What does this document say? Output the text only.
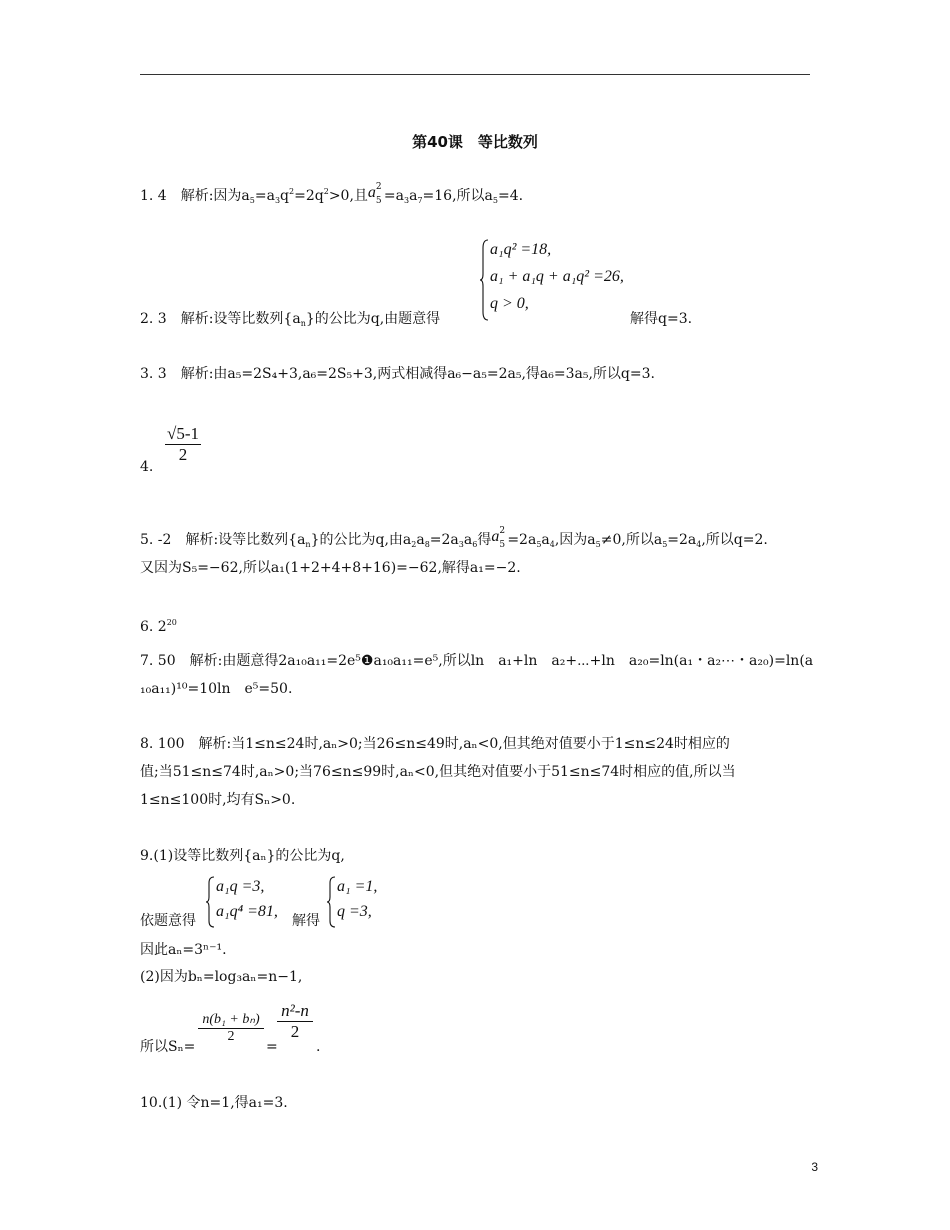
第40课　等比数列
1. 4　解析:因为$a_5=a_3q^2=2q^2>0$,且 a 2
$5 =a_3a_7=16$,所以$a_5=4$.
a₁q² =18,
a₁ + a₁q + a₁q² =26,
q > 0,
2. 3　解析:设等比数列$\{a_n\}$的公比为q,由题意得	解得q=3.
3. 3　解析:由a₅=2S₄+3,a₆=2S₅+3,两式相减得a₆−a₅=2a₅,得a₆=3a₅,所以q=3.
4.
√5-1
2
5. -2　解析:设等比数列$\{a_n\}$的公比为q,由$a_2a_8=2a_3a_6$得 a 2
$5 =2a_5a_4$,因为$a_5\ne 0$,所以$a_5=2a_4$,所以q=2.
又因为S₅=−62,所以a₁(1+2+4+8+16)=−62,解得a₁=−2.
6. $2^{20}$
7. 50　解析:由题意得2a₁₀a₁₁=2e⁵❶a₁₀a₁₁=e⁵,所以ln　a₁+ln　a₂+⋯+ln　a₂₀=ln(a₁・a₂⋯・a₂₀)=ln(a
₁₀a₁₁)¹⁰=10ln　e⁵=50.
8. 100　解析:当1≤n≤24时,aₙ>0;当26≤n≤49时,aₙ<0,但其绝对值要小于1≤n≤24时相应的
值;当51≤n≤74时,aₙ>0;当76≤n≤99时,aₙ<0,但其绝对值要小于51≤n≤74时相应的值,所以当
1≤n≤100时,均有Sₙ>0.
9.(1)设等比数列{aₙ}的公比为q,
依题意得
a₁q =3,
a₁q⁴ =81,
解得
a₁ =1,
q =3,
因此aₙ=3ⁿ⁻¹.
(2)因为bₙ=log₃aₙ=n−1,
所以Sₙ=
n(b₁ + bₙ)
2
=
n²-n
2
.
10.(1) 令n=1,得a₁=3.
3
